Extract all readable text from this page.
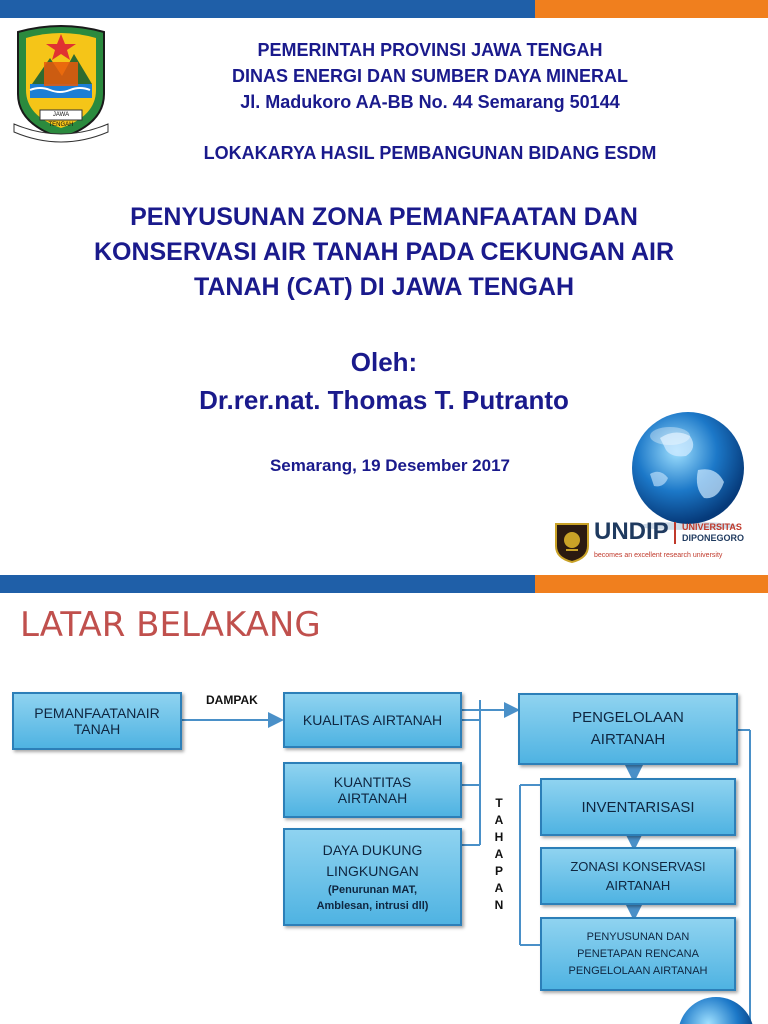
JAWA TENGAH
PEMERINTAH PROVINSI JAWA TENGAH
DINAS ENERGI DAN SUMBER DAYA MINERAL
Jl. Madukoro AA-BB No. 44 Semarang 50144
LOKAKARYA HASIL PEMBANGUNAN BIDANG ESDM
PENYUSUNAN ZONA PEMANFAATAN DAN
KONSERVASI AIR TANAH PADA CEKUNGAN AIR
TANAH (CAT) DI JAWA TENGAH
Oleh:
Dr.rer.nat. Thomas T. Putranto
Semarang, 19 Desember 2017
UNDIP UNIVERSITAS
DIPONEGORO
becomes an excellent research university
LATAR BELAKANG
DAMPAK
PEMANFAATANAIR
TANAH
KUALITAS AIRTANAH
KUANTITAS
AIRTANAH
DAYA DUKUNG
LINGKUNGAN
(Penurunan MAT,
Amblesan, intrusi dll)
T
A
H
A
P
A
N
PENGELOLAAN
AIRTANAH
INVENTARISASI
ZONASI KONSERVASI
AIRTANAH
PENYUSUNAN DAN
PENETAPAN RENCANA
PENGELOLAAN AIRTANAH
